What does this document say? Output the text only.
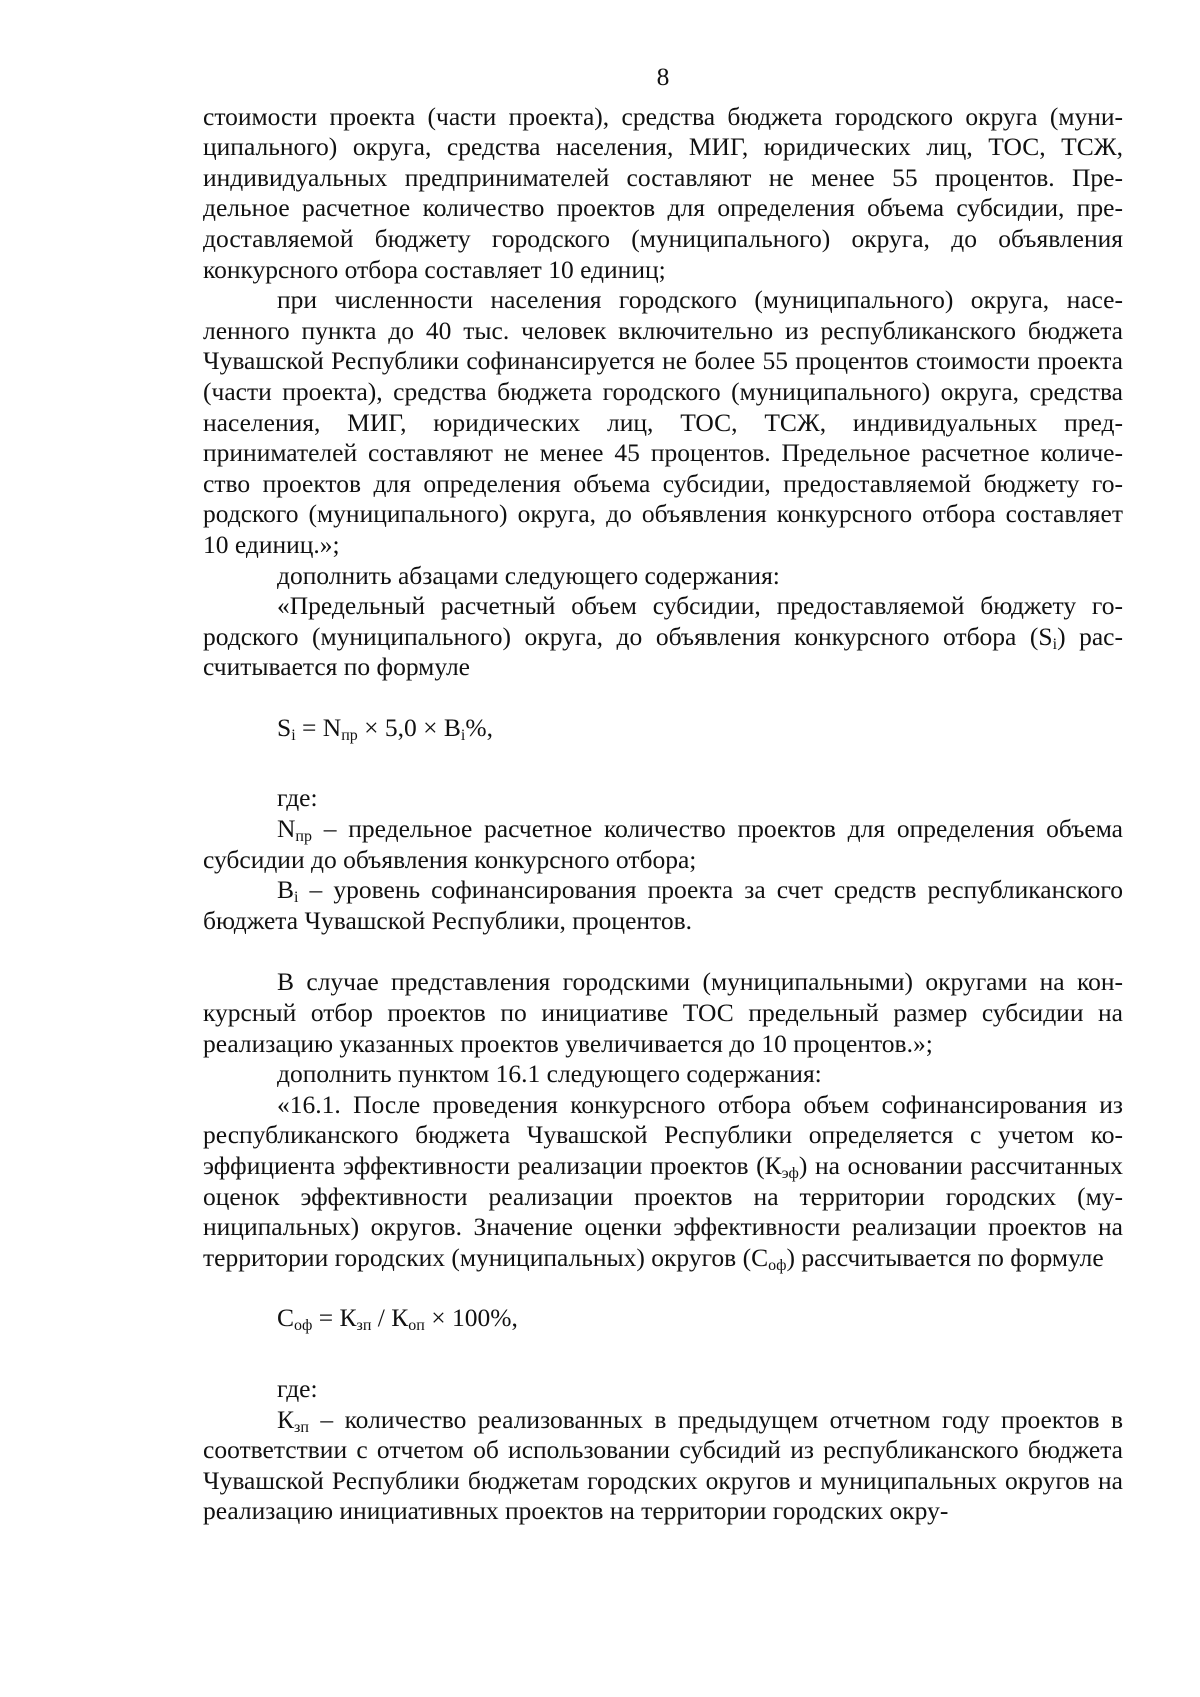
8

стоимости проекта (части проекта), средства бюджета городского округа (муниципального) округа, средства населения, МИГ, юридических лиц, ТОС, ТСЖ, индивидуальных предпринимателей составляют не менее 55 процентов. Предельное расчетное количество проектов для определения объема субсидии, предоставляемой бюджету городского (муниципального) округа, до объявления конкурсного отбора составляет 10 единиц;

при численности населения городского (муниципального) округа, населенного пункта до 40 тыс. человек включительно из республиканского бюджета Чувашской Республики софинансируется не более 55 процентов стоимости проекта (части проекта), средства бюджета городского (муниципального) округа, средства населения, МИГ, юридических лиц, ТОС, ТСЖ, индивидуальных предпринимателей составляют не менее 45 процентов. Предельное расчетное количество проектов для определения объема субсидии, предоставляемой бюджету городского (муниципального) округа, до объявления конкурсного отбора составляет 10 единиц.»;

дополнить абзацами следующего содержания:

«Предельный расчетный объем субсидии, предоставляемой бюджету городского (муниципального) округа, до объявления конкурсного отбора $(S_i)$ рассчитывается по формуле

$S_i = N_{пр} \times 5,0 \times B_i\%$,

где:

$N_{пр}$ – предельное расчетное количество проектов для определения объема субсидии до объявления конкурсного отбора;

$B_i$ – уровень софинансирования проекта за счет средств республиканского бюджета Чувашской Республики, процентов.

В случае представления городскими (муниципальными) округами на конкурсный отбор проектов по инициативе ТОС предельный размер субсидии на реализацию указанных проектов увеличивается до 10 процентов.»;

дополнить пунктом 16.1 следующего содержания:

«16.1. После проведения конкурсного отбора объем софинансирования из республиканского бюджета Чувашской Республики определяется с учетом коэффициента эффективности реализации проектов $(К_{эф})$ на основании рассчитанных оценок эффективности реализации проектов на территории городских (муниципальных) округов. Значение оценки эффективности реализации проектов на территории городских (муниципальных) округов $(С_{оф})$ рассчитывается по формуле

$С_{оф} = К_{зп} / К_{оп} \times 100\%$,

где:

$К_{зп}$ – количество реализованных в предыдущем отчетном году проектов в соответствии с отчетом об использовании субсидий из республиканского бюджета Чувашской Республики бюджетам городских округов и муниципальных округов на реализацию инициативных проектов на территории городских окру-
